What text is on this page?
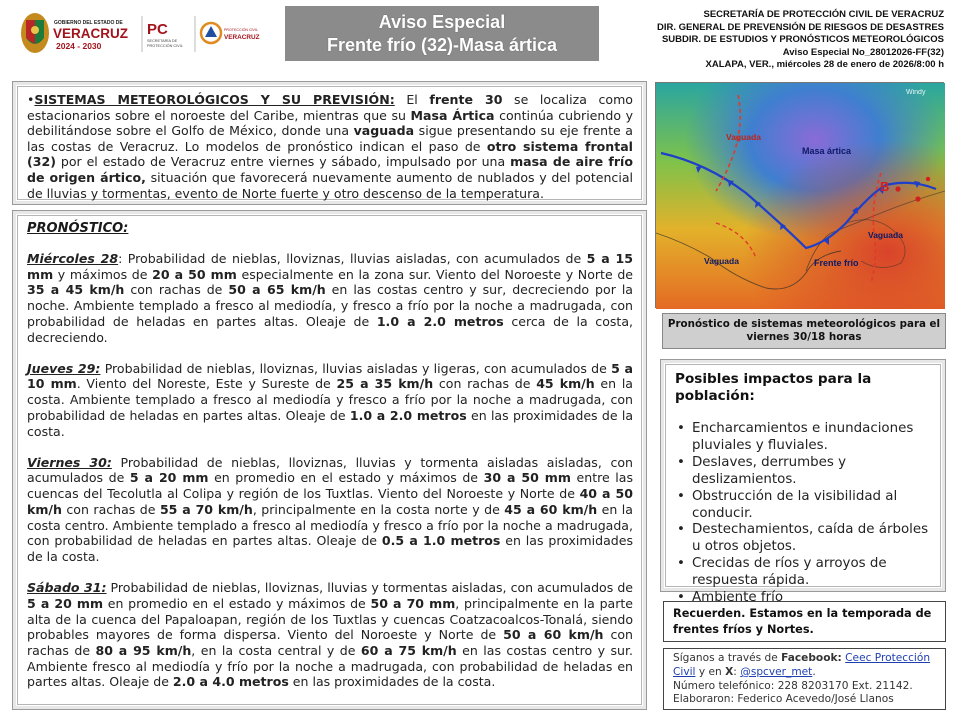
GOBIERNO DEL ESTADO DE
VERACRUZ
2024 - 2030
PC
SECRETARÍA DE
PROTECCIÓN CIVIL
PROTECCIÓN CIVIL
VERACRUZ
Aviso Especial
Frente frío (32)-Masa ártica
SECRETARÍA DE PROTECCIÓN CIVIL DE VERACRUZ
DIR. GENERAL DE PREVENSIÓN DE RIESGOS DE DESASTRES
SUBDIR. DE ESTUDIOS Y PRONÓSTICOS METEOROLÓGICOS
Aviso Especial No_28012026-FF(32)
XALAPA, VER., miércoles 28 de enero de 2026/8:00 h
•SISTEMAS METEOROLÓGICOS Y SU PREVISIÓN: El frente 30 se localiza como estacionarios sobre el noroeste del Caribe, mientras que su Masa Ártica continúa cubriendo y debilitándose sobre el Golfo de México, donde una vaguada sigue presentando su eje frente a las costas de Veracruz. Lo modelos de pronóstico indican el paso de otro sistema frontal (32) por el estado de Veracruz entre viernes y sábado, impulsado por una masa de aire frío de origen ártico, situación que favorecerá nuevamente aumento de nublados y del potencial de lluvias y tormentas, evento de Norte fuerte y otro descenso de la temperatura.
PRONÓSTICO:
Miércoles 28: Probabilidad de nieblas, lloviznas, lluvias aisladas, con acumulados de 5 a 15 mm y máximos de 20 a 50 mm especialmente en la zona sur. Viento del Noroeste y Norte de 35 a 45 km/h con rachas de 50 a 65 km/h en las costas centro y sur, decreciendo por la noche. Ambiente templado a fresco al mediodía, y fresco a frío por la noche a madrugada, con probabilidad de heladas en partes altas. Oleaje de 1.0 a 2.0 metros cerca de la costa, decreciendo.
Jueves 29: Probabilidad de nieblas, lloviznas, lluvias aisladas y ligeras, con acumulados de 5 a 10 mm. Viento del Noreste, Este y Sureste de 25 a 35 km/h con rachas de 45 km/h en la costa. Ambiente templado a fresco al mediodía y fresco a frío por la noche a madrugada, con probabilidad de heladas en partes altas. Oleaje de 1.0 a 2.0 metros en las proximidades de la costa.
Viernes 30: Probabilidad de nieblas, lloviznas, lluvias y tormenta aisladas aisladas, con acumulados de 5 a 20 mm en promedio en el estado y máximos de 30 a 50 mm entre las cuencas del Tecolutla al Colipa y región de los Tuxtlas. Viento del Noroeste y Norte de 40 a 50 km/h con rachas de 55 a 70 km/h, principalmente en la costa norte y de 45 a 60 km/h en la costa centro. Ambiente templado a fresco al mediodía y fresco a frío por la noche a madrugada, con probabilidad de heladas en partes altas. Oleaje de 0.5 a 1.0 metros en las proximidades de la costa.
Sábado 31: Probabilidad de nieblas, lloviznas, lluvias y tormentas aisladas, con acumulados de 5 a 20 mm en promedio en el estado y máximos de 50 a 70 mm, principalmente en la parte alta de la cuenca del Papaloapan, región de los Tuxtlas y cuencas Coatzacoalcos-Tonalá, siendo probables mayores de forma dispersa. Viento del Noroeste y Norte de 50 a 60 km/h con rachas de 80 a 95 km/h, en la costa central y de 60 a 75 km/h en las costas centro y sur. Ambiente fresco al mediodía y frío por la noche a madrugada, con probabilidad de heladas en partes altas. Oleaje de 2.0 a 4.0 metros en las proximidades de la costa.
Windy
Vaguada
Masa ártica
B
Vaguada
Vaguada	Frente frío
Pronóstico de sistemas meteorológicos para el viernes 30/18 horas
Posibles impactos para la población:
• Encharcamientos e inundaciones pluviales y fluviales.
• Deslaves, derrumbes y deslizamientos.
• Obstrucción de la visibilidad al conducir.
• Destechamientos, caída de árboles u otros objetos.
• Crecidas de ríos y arroyos de respuesta rápida.
• Ambiente frío
Recuerden. Estamos en la temporada de frentes fríos y Nortes.
Síganos a través de Facebook: Ceec Protección Civil y en X: @spcver_met.
Número telefónico: 228 8203170 Ext. 21142.
Elaboraron: Federico Acevedo/José Llanos
